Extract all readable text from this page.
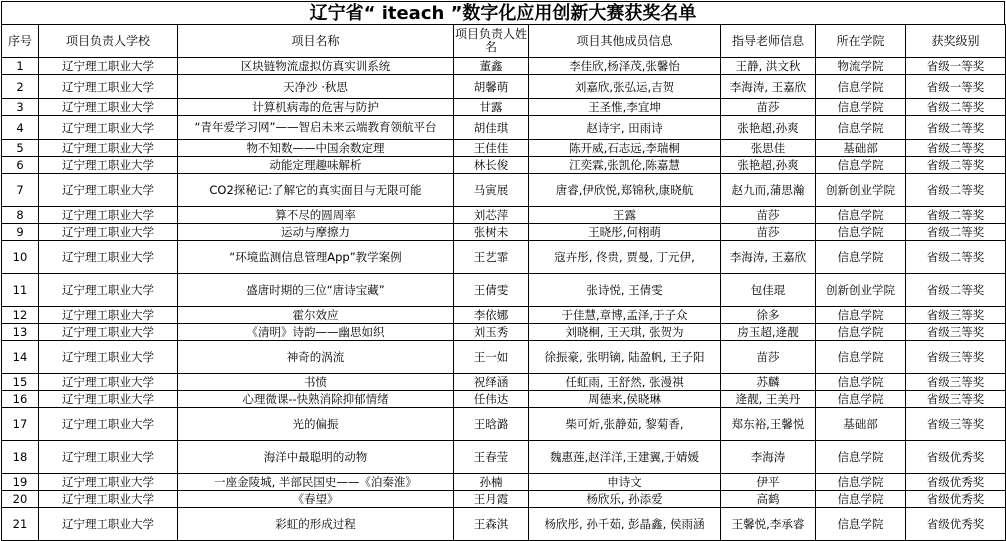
辽宁省“ iteach ”数字化应用创新大赛获奖名单
序号	项目负责人学校	项目名称	项目负责人姓名	项目其他成员信息	指导老师信息	所在学院	获奖级别
1	辽宁理工职业大学	区块链物流虚拟仿真实训系统	董鑫	李佳欣,杨泽茂,张馨怡	王静, 洪文秋	物流学院	省级一等奖
2	辽宁理工职业大学	天净沙 ·秋思	胡馨萌	刘嘉欣,张弘运,吉贺	李海涛, 王嘉欣	信息学院	省级一等奖
3	辽宁理工职业大学	计算机病毒的危害与防护	甘露	王圣惟,李宜坤	苗莎	信息学院	省级二等奖
4	辽宁理工职业大学	“青年爱学习网”——智启未来云端教育领航平台	胡佳琪	赵诗宇, 田雨诗	张艳超,孙爽	信息学院	省级二等奖
5	辽宁理工职业大学	物不知数——中国余数定理	王佳佳	陈开威,石志远,李瑞桐	张思佳	基础部	省级二等奖
6	辽宁理工职业大学	动能定理趣味解析	林长俊	江奕霖,张凯伦,陈嘉慧	张艳超,孙爽	信息学院	省级二等奖
7	辽宁理工职业大学	CO2探秘记:了解它的真实面目与无限可能	马寅展	唐睿,伊欣悦,郑锦秋,康晓航	赵九而,蒲思瀚	创新创业学院	省级二等奖
8	辽宁理工职业大学	算不尽的圆周率	刘芯萍	王露	苗莎	信息学院	省级二等奖
9	辽宁理工职业大学	运动与摩擦力	张树未	王晓彤,何栩萌	苗莎	信息学院	省级二等奖
10	辽宁理工职业大学	“环境监测信息管理App”教学案例	王艺霏	寇卉彤, 佟贵, 贾曼, 丁元伊,	李海涛, 王嘉欣	信息学院	省级二等奖
11	辽宁理工职业大学	盛唐时期的三位“唐诗宝藏”	王倩雯	张诗悦, 王倩雯	包佳琨	创新创业学院	省级二等奖
12	辽宁理工职业大学	霍尔效应	李依娜	于佳慧,章博,孟泽,于子众	徐多	信息学院	省级三等奖
13	辽宁理工职业大学	《清明》诗韵——幽思如织	刘玉秀	刘晓桐, 王天琪, 张贺为	房玉超,逄靓	信息学院	省级三等奖
14	辽宁理工职业大学	神奇的涡流	王一如	徐振豪, 张明镝, 陆盈帆, 王子阳	苗莎	信息学院	省级三等奖
15	辽宁理工职业大学	书愤	祝绎涵	任虹雨, 王舒然, 张漫祺	苏麟	信息学院	省级三等奖
16	辽宁理工职业大学	心理微课--快熟消除抑郁情绪	任伟达	周德来,侯晓琳	逄靓, 王美丹	信息学院	省级三等奖
17	辽宁理工职业大学	光的偏振	王晗潞	柴可炘,张静茹, 黎菊香,	郑东裕,王馨悦	基础部	省级三等奖
18	辽宁理工职业大学	海洋中最聪明的动物	王春莹	魏惠莲,赵洋洋,王建翼,于婧媛	李海涛	信息学院	省级优秀奖
19	辽宁理工职业大学	一座金陵城, 半部民国史——《泊秦淮》	孙楠	申诗文	伊平	信息学院	省级优秀奖
20	辽宁理工职业大学	《春望》	王月霞	杨欣乐, 孙添爱	高鹤	信息学院	省级优秀奖
21	辽宁理工职业大学	彩虹的形成过程	王森淇	杨欣彤, 孙千茹, 彭晶鑫, 侯雨涵	王馨悦,李承睿	信息学院	省级优秀奖
